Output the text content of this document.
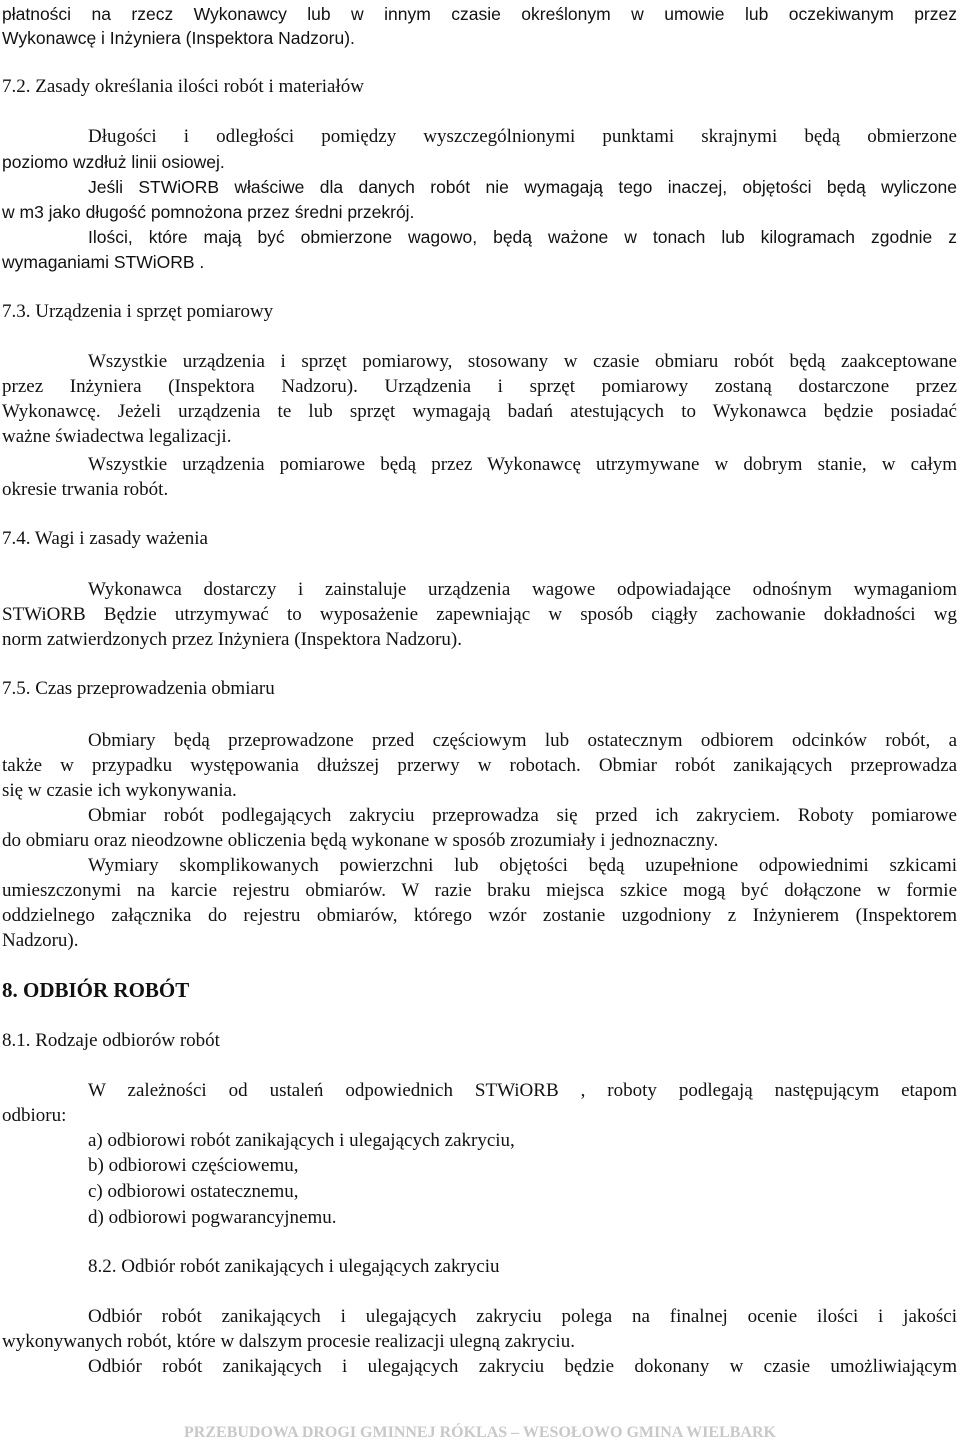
płatności na rzecz Wykonawcy lub w innym czasie określonym w umowie lub oczekiwanym przez
Wykonawcę i Inżyniera (Inspektora Nadzoru).
7.2. Zasady określania ilości robót i materiałów
Długości i odległości pomiędzy wyszczególnionymi punktami skrajnymi będą obmierzone
poziomo wzdłuż linii osiowej.
Jeśli STWiORB właściwe dla danych robót nie wymagają tego inaczej, objętości będą wyliczone
w m3 jako długość pomnożona przez średni przekrój.
Ilości, które mają być obmierzone wagowo, będą ważone w tonach lub kilogramach zgodnie z
wymaganiami STWiORB .
7.3. Urządzenia i sprzęt pomiarowy
Wszystkie urządzenia i sprzęt pomiarowy, stosowany w czasie obmiaru robót będą zaakceptowane
przez Inżyniera (Inspektora Nadzoru). Urządzenia i sprzęt pomiarowy zostaną dostarczone przez
Wykonawcę. Jeżeli urządzenia te lub sprzęt wymagają badań atestujących to Wykonawca będzie posiadać
ważne świadectwa legalizacji.
Wszystkie urządzenia pomiarowe będą przez Wykonawcę utrzymywane w dobrym stanie, w całym
okresie trwania robót.
7.4. Wagi i zasady ważenia
Wykonawca dostarczy i zainstaluje urządzenia wagowe odpowiadające odnośnym wymaganiom
STWiORB Będzie utrzymywać to wyposażenie zapewniając w sposób ciągły zachowanie dokładności wg
norm zatwierdzonych przez Inżyniera (Inspektora Nadzoru).
7.5. Czas przeprowadzenia obmiaru
Obmiary będą przeprowadzone przed częściowym lub ostatecznym odbiorem odcinków robót, a
także w przypadku występowania dłuższej przerwy w robotach. Obmiar robót zanikających przeprowadza
się w czasie ich wykonywania.
Obmiar robót podlegających zakryciu przeprowadza się przed ich zakryciem. Roboty pomiarowe
do obmiaru oraz nieodzowne obliczenia będą wykonane w sposób zrozumiały i jednoznaczny.
Wymiary skomplikowanych powierzchni lub objętości będą uzupełnione odpowiednimi szkicami
umieszczonymi na karcie rejestru obmiarów. W razie braku miejsca szkice mogą być dołączone w formie
oddzielnego załącznika do rejestru obmiarów, którego wzór zostanie uzgodniony z Inżynierem (Inspektorem
Nadzoru).
8. ODBIÓR ROBÓT
8.1. Rodzaje odbiorów robót
W zależności od ustaleń odpowiednich STWiORB , roboty podlegają następującym etapom
odbioru:
a) odbiorowi robót zanikających i ulegających zakryciu,
b) odbiorowi częściowemu,
c) odbiorowi ostatecznemu,
d) odbiorowi pogwarancyjnemu.
8.2. Odbiór robót zanikających i ulegających zakryciu
Odbiór robót zanikających i ulegających zakryciu polega na finalnej ocenie ilości i jakości
wykonywanych robót, które w dalszym procesie realizacji ulegną zakryciu.
Odbiór robót zanikających i ulegających zakryciu będzie dokonany w czasie umożliwiającym
PRZEBUDOWA DROGI GMINNEJ RÓKLAS – WESOŁOWO GMINA WIELBARK
